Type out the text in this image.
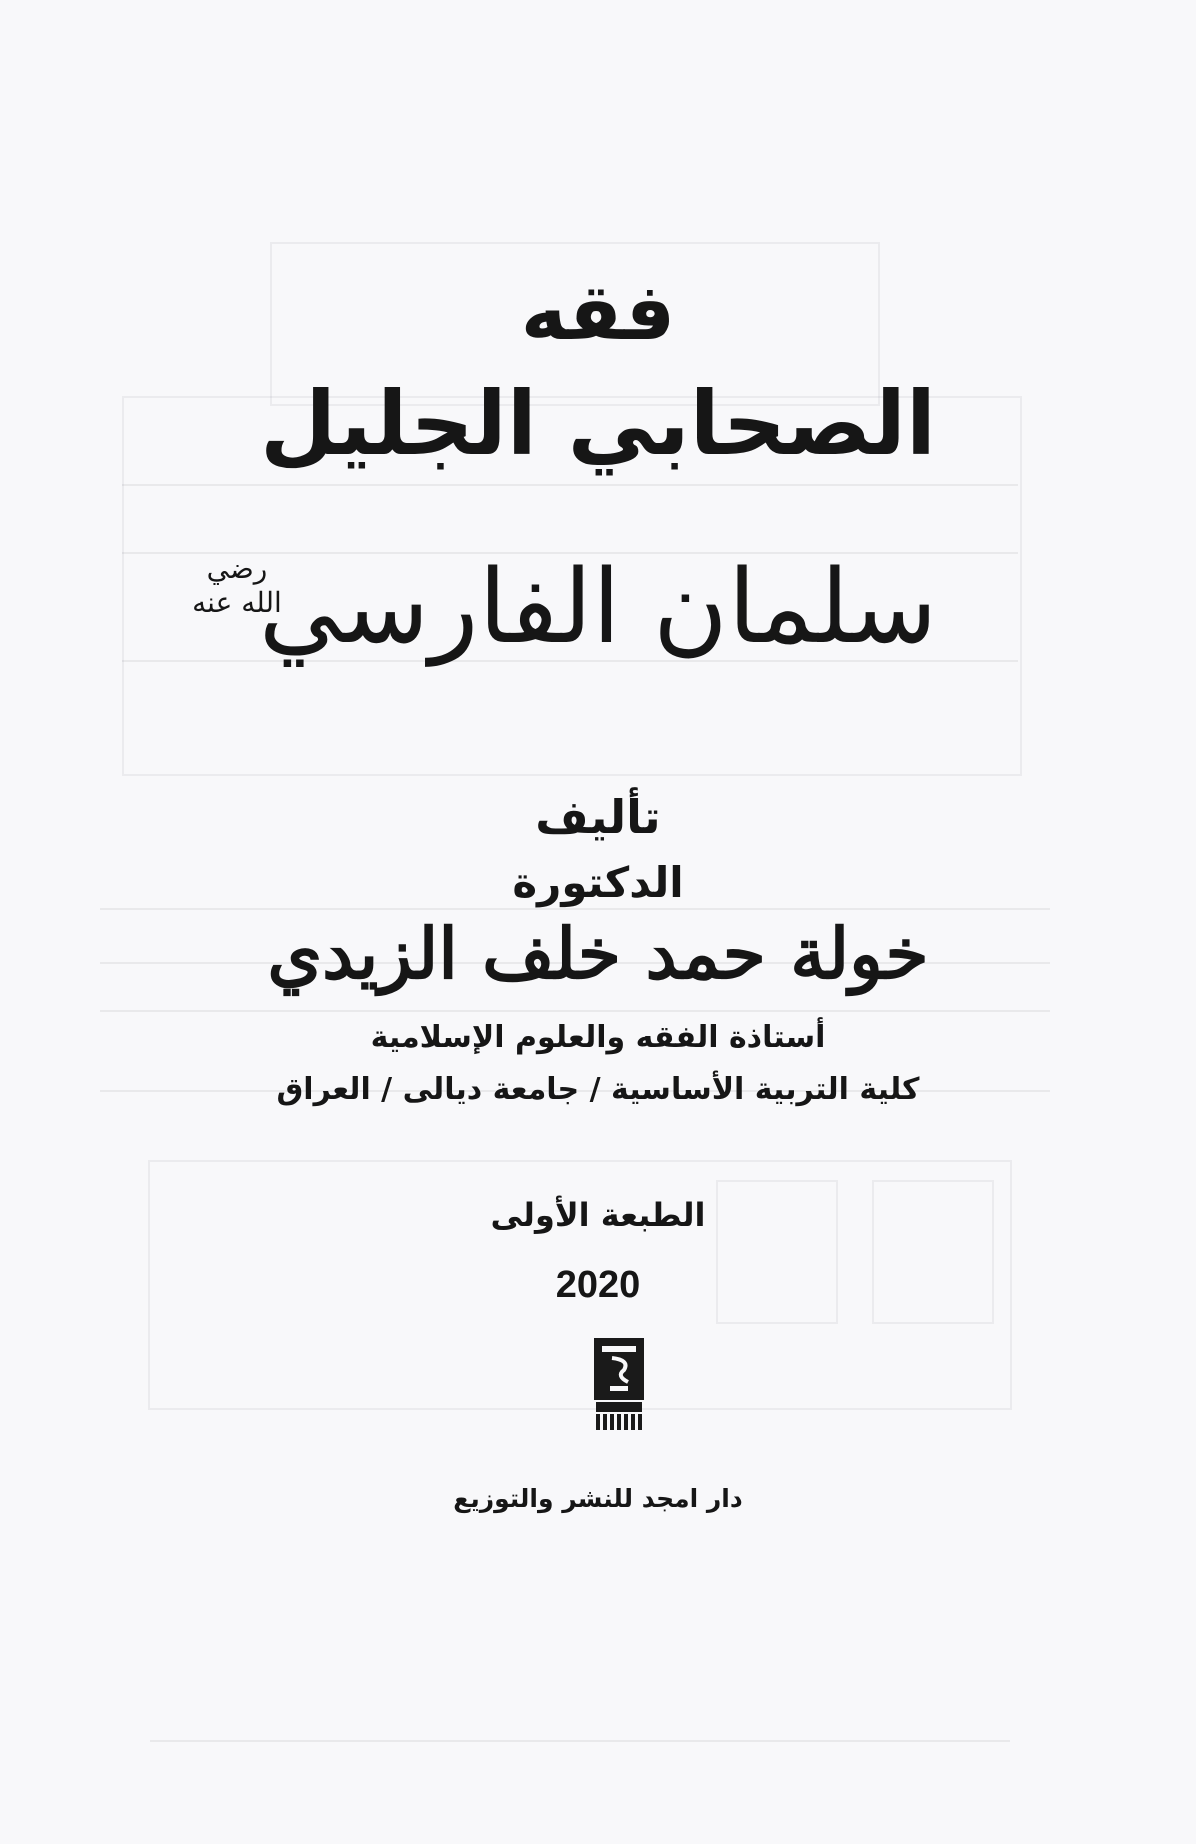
فقه
الصحابي الجليل
سلمان الفارسي
رضي الله عنه
تأليف
الدكتورة
خولة حمد خلف الزيدي
أستاذة الفقه والعلوم الإسلامية
كلية التربية الأساسية / جامعة ديالى / العراق
الطبعة الأولى
2020
دار امجد للنشر والتوزيع
